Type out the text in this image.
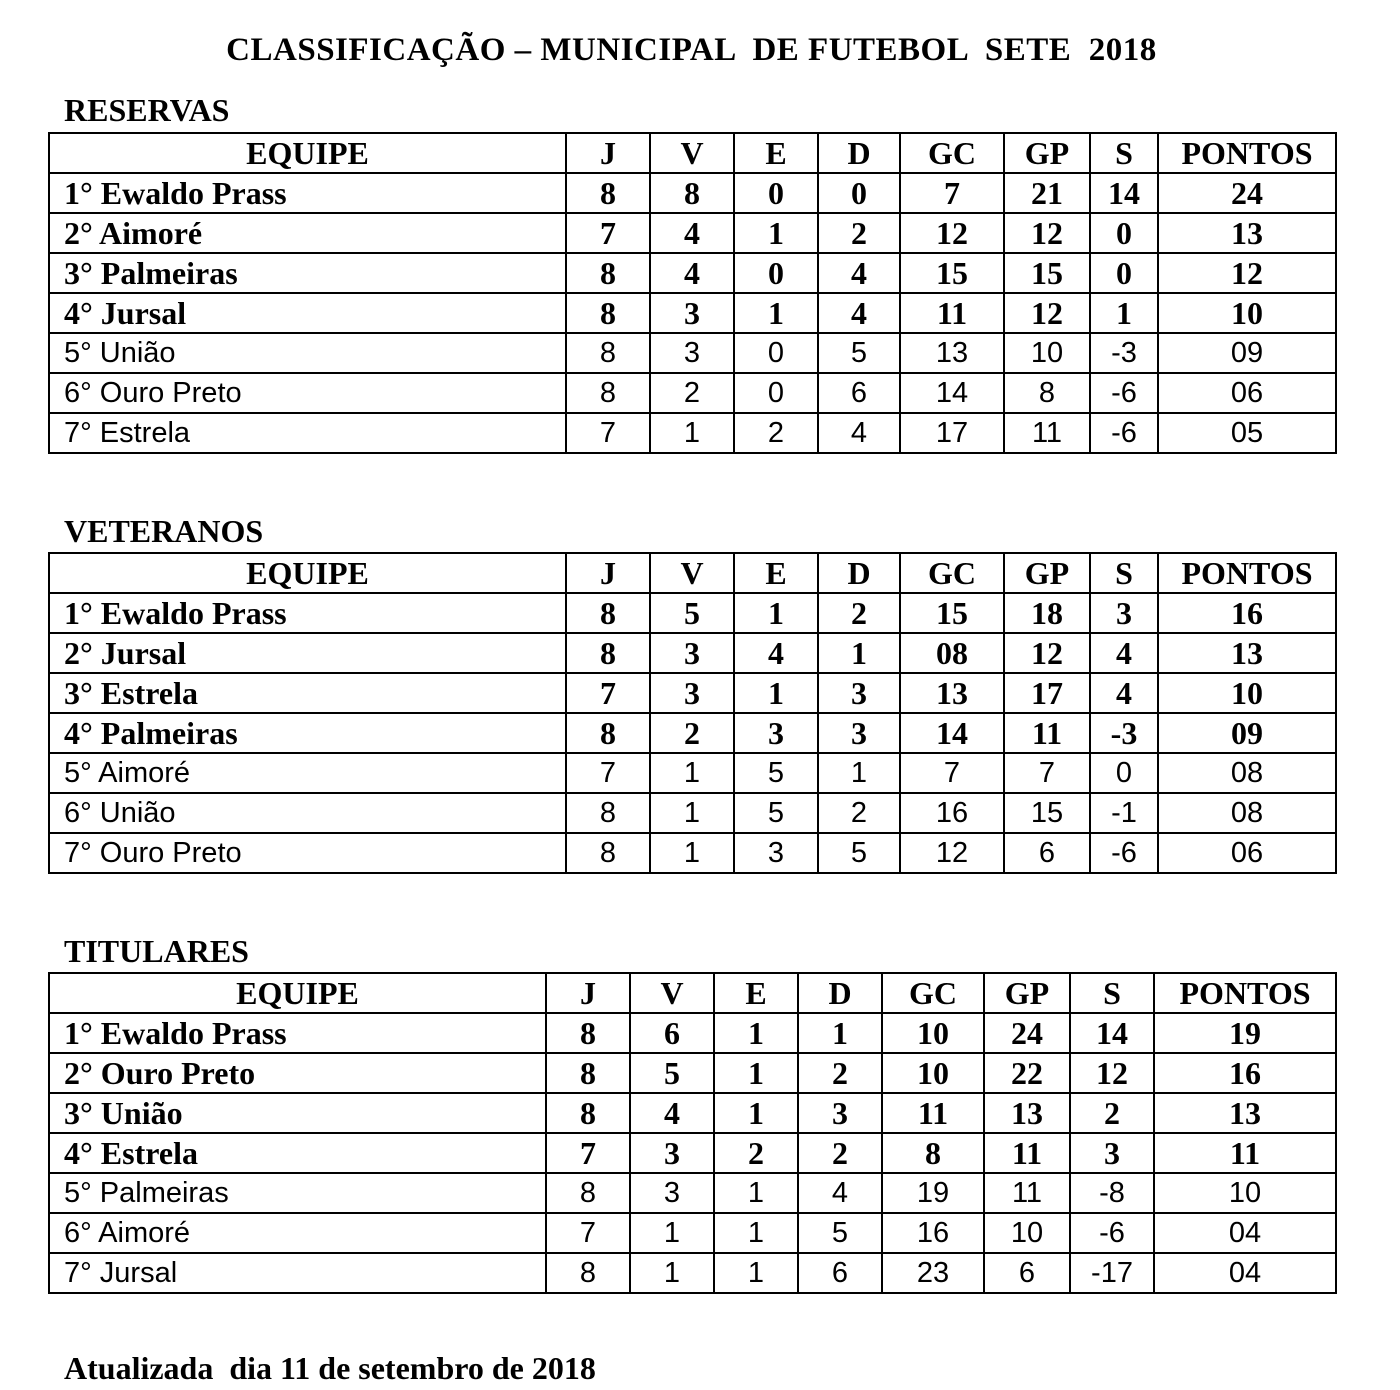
CLASSIFICAÇÃO – MUNICIPAL  DE FUTEBOL  SETE  2018
RESERVAS
EQUIPE	J	V	E	D	GC	GP	S	PONTOS
1° Ewaldo Prass	8	8	0	0	7	21	14	24
2° Aimoré	7	4	1	2	12	12	0	13
3° Palmeiras	8	4	0	4	15	15	0	12
4° Jursal	8	3	1	4	11	12	1	10
5° União	8	3	0	5	13	10	-3	09
6° Ouro Preto	8	2	0	6	14	8	-6	06
7° Estrela	7	1	2	4	17	11	-6	05
VETERANOS
EQUIPE	J	V	E	D	GC	GP	S	PONTOS
1° Ewaldo Prass	8	5	1	2	15	18	3	16
2° Jursal	8	3	4	1	08	12	4	13
3° Estrela	7	3	1	3	13	17	4	10
4° Palmeiras	8	2	3	3	14	11	-3	09
5° Aimoré	7	1	5	1	7	7	0	08
6° União	8	1	5	2	16	15	-1	08
7° Ouro Preto	8	1	3	5	12	6	-6	06
TITULARES
EQUIPE	J	V	E	D	GC	GP	S	PONTOS
1° Ewaldo Prass	8	6	1	1	10	24	14	19
2° Ouro Preto	8	5	1	2	10	22	12	16
3° União	8	4	1	3	11	13	2	13
4° Estrela	7	3	2	2	8	11	3	11
5° Palmeiras	8	3	1	4	19	11	-8	10
6° Aimoré	7	1	1	5	16	10	-6	04
7° Jursal	8	1	1	6	23	6	-17	04

Atualizada  dia 11 de setembro de 2018
